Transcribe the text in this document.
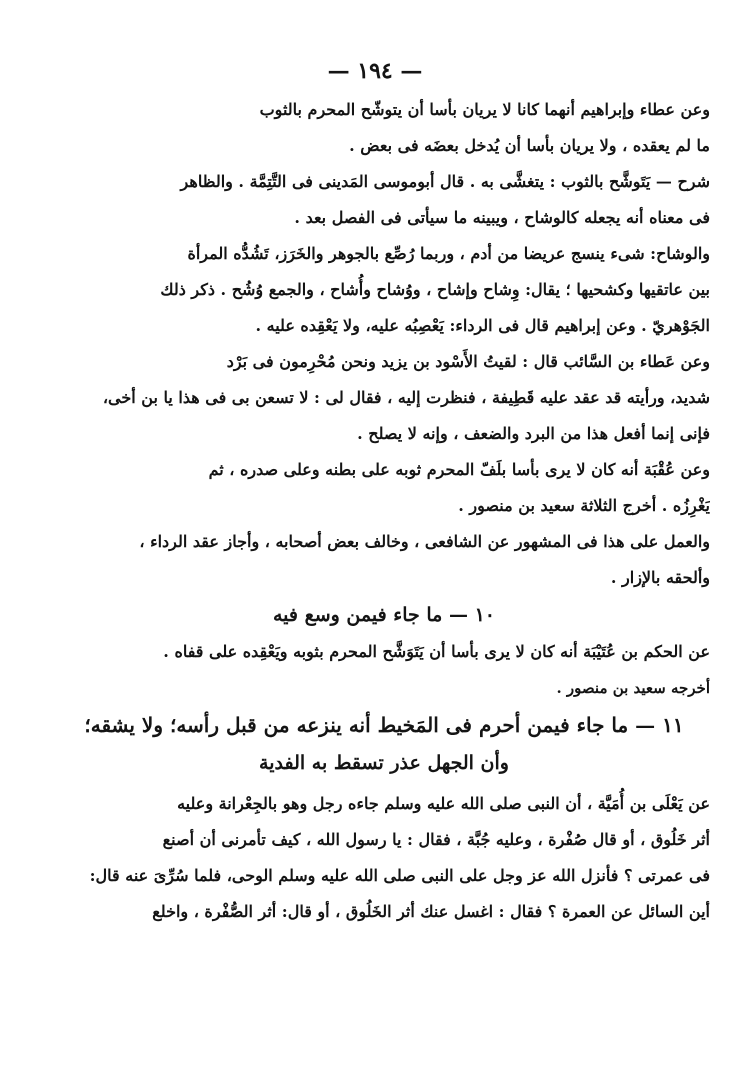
— ١٩٤ —
وعن عطاء وإبراهيم أنهما كانا لا يريان بأسا أن يتوشّح المحرم بالثوب
ما لم يعقده ، ولا يريان بأسا أن يُدخل بعضَه فى بعض .
شرح — يَتَوشَّح بالثوب : يتغشَّى به . قال أبوموسى المَدينى فى التَّتِمَّة . والظاهر
فى معناه أنه يجعله كالوشاح ، ويبينه ما سيأتى فى الفصل بعد .
والوشاح: شىء ينسج عريضا من أدم ، وربما رُصِّع بالجوهر والخَرَز، تَشُدُّه المرأة
بين عاتقيها وكشحيها ؛ يقال: وِشاح وإشاح ، ووُشاح وأُشاح ، والجمع وُشُح . ذكر ذلك
الجَوْهريّ . وعن إبراهيم قال فى الرداء: يَعْصِبُه عليه، ولا يَعْقِده عليه .
وعن عَطاء بن السَّائب قال : لقيتُ الأَسْود بن يزيد ونحن مُحْرِمون فى بَرْد
شديد، ورأيته قد عقد عليه قَطِيفة ، فنظرت إليه ، فقال لى : لا تسعن بى فى هذا يا بن أخى،
فإنى إنما أفعل هذا من البرد والضعف ، وإنه لا يصلح .
وعن عُقْبَة أنه كان لا يرى بأسا بلَفّ المحرم ثوبه على بطنه وعلى صدره ، ثم
يَغْرِزُه . أخرج الثلاثة سعيد بن منصور .
والعمل على هذا فى المشهور عن الشافعى ، وخالف بعض أصحابه ، وأجاز عقد الرداء ،
وألحقه بالإزار .
١٠ — ما جاء فيمن وسع فيه
عن الحكم بن عُتَيْبَة أنه كان لا يرى بأسا أن يَتَوَشَّح المحرم بثوبه ويَعْقِده على قفاه .
أخرجه سعيد بن منصور .
١١ — ما جاء فيمن أحرم فى المَخيط أنه ينزعه من قبل رأسه؛ ولا يشقه؛
وأن الجهل عذر تسقط به الفدية
عن يَعْلَى بن أُمَيَّة ، أن النبى صلى الله عليه وسلم جاءه رجل وهو بالجِعْرانة وعليه
أثر خَلُوق ، أو قال صُفْرة ، وعليه جُبَّة ، فقال : يا رسول الله ، كيف تأمرنى أن أصنع
فى عمرتى ؟ فأنزل الله عز وجل على النبى صلى الله عليه وسلم الوحى، فلما سُرِّىَ عنه قال:
أين السائل عن العمرة ؟ فقال : اغسل عنك أثر الخَلُوق ، أو قال: أثر الصُّفْرة ، واخلع
